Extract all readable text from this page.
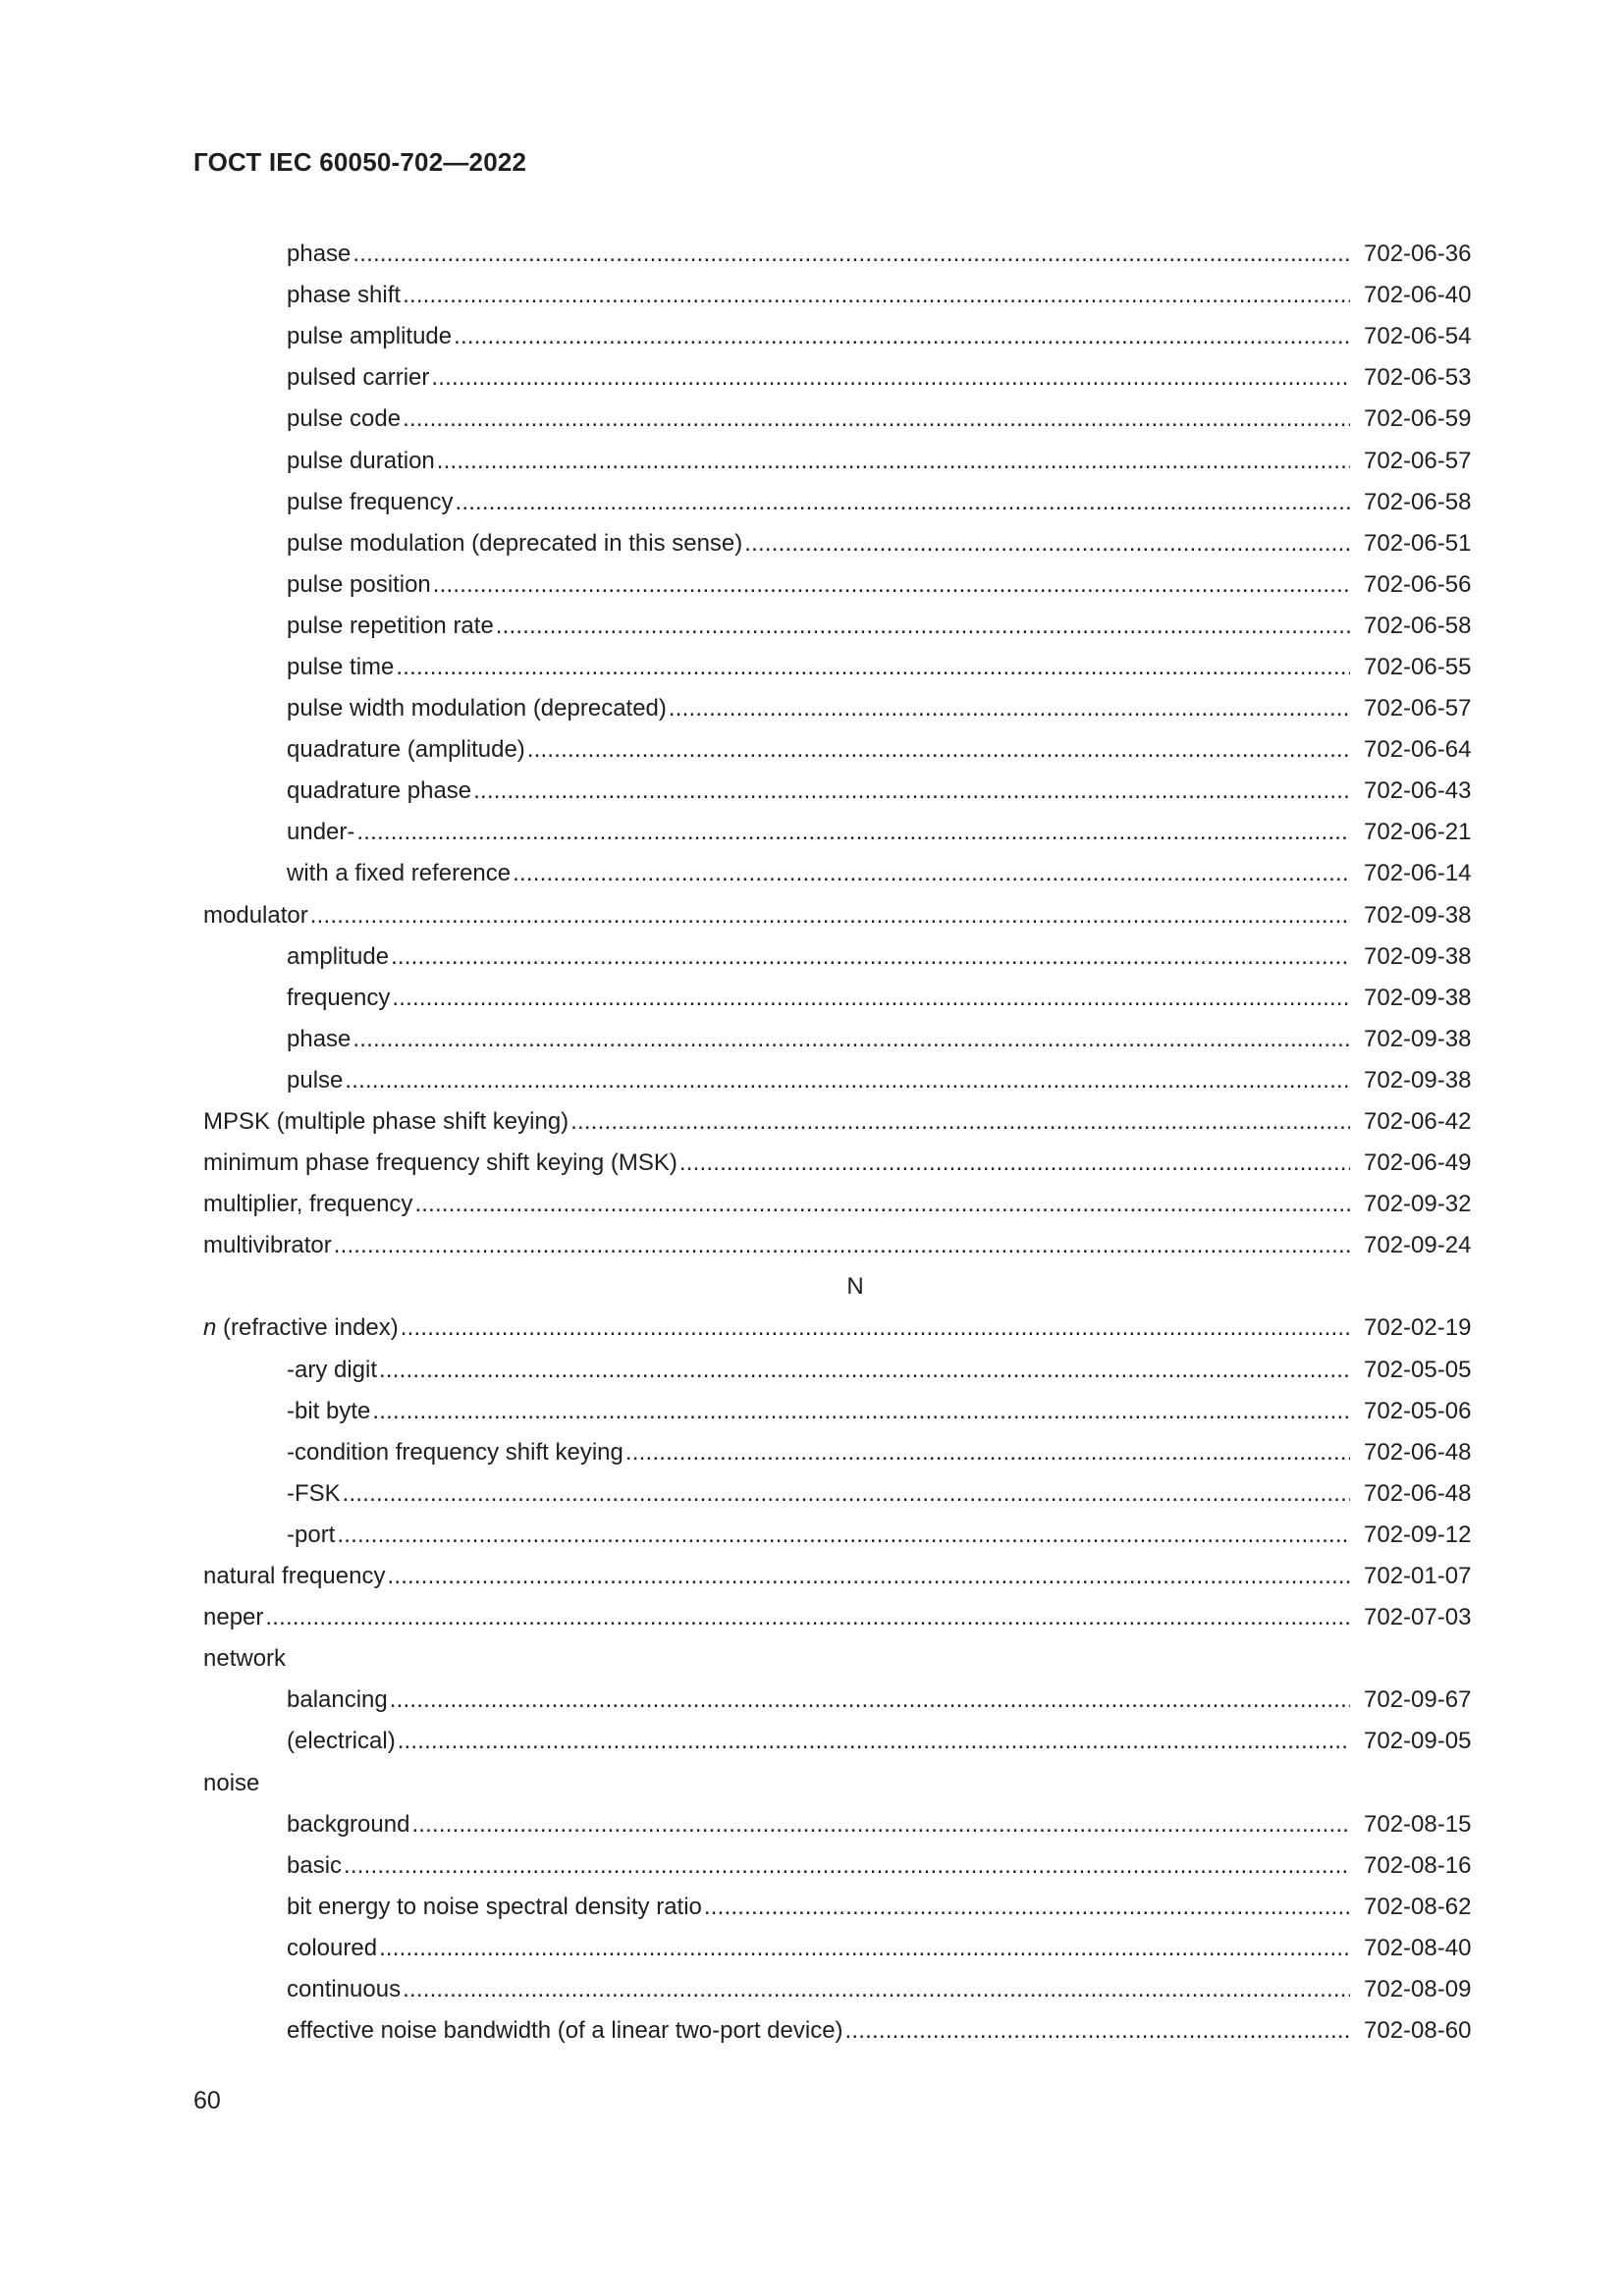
ГОСТ IEC 60050-702—2022
phase .....	702-06-36
phase shift .....	702-06-40
pulse amplitude .....	702-06-54
pulsed carrier .....	702-06-53
pulse code .....	702-06-59
pulse duration .....	702-06-57
pulse frequency .....	702-06-58
pulse modulation (deprecated in this sense) .....	702-06-51
pulse position .....	702-06-56
pulse repetition rate .....	702-06-58
pulse time .....	702-06-55
pulse width modulation (deprecated) .....	702-06-57
quadrature (amplitude) .....	702-06-64
quadrature phase .....	702-06-43
under- .....	702-06-21
with a fixed reference .....	702-06-14
modulator .....	702-09-38
amplitude .....	702-09-38
frequency .....	702-09-38
phase .....	702-09-38
pulse .....	702-09-38
MPSK (multiple phase shift keying) .....	702-06-42
minimum phase frequency shift keying (MSK) .....	702-06-49
multiplier, frequency .....	702-09-32
multivibrator .....	702-09-24
N
n (refractive index) .....	702-02-19
-ary digit .....	702-05-05
-bit byte .....	702-05-06
-condition frequency shift keying .....	702-06-48
-FSK .....	702-06-48
-port .....	702-09-12
natural frequency .....	702-01-07
neper .....	702-07-03
network
balancing .....	702-09-67
(electrical) .....	702-09-05
noise
background .....	702-08-15
basic .....	702-08-16
bit energy to noise spectral density ratio .....	702-08-62
coloured .....	702-08-40
continuous .....	702-08-09
effective noise bandwidth (of a linear two-port device) .....	702-08-60
60
